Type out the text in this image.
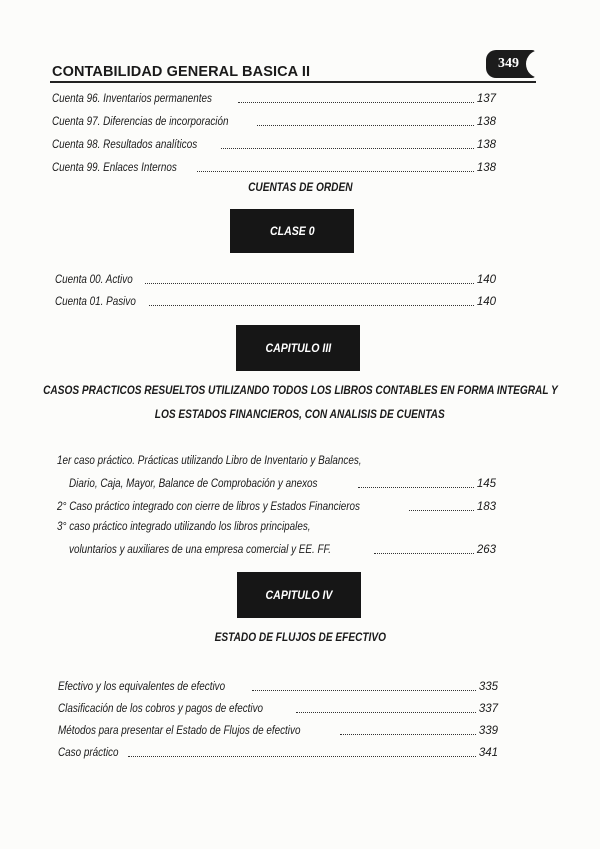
CONTABILIDAD GENERAL BASICA II
349
Cuenta 96. Inventarios permanentes	137
Cuenta 97. Diferencias de incorporación	138
Cuenta 98. Resultados analíticos	138
Cuenta 99. Enlaces Internos	138
CUENTAS DE ORDEN
CLASE 0
Cuenta 00. Activo	140
Cuenta 01. Pasivo	140
CAPITULO III
CASOS PRACTICOS RESUELTOS UTILIZANDO TODOS LOS LIBROS CONTABLES EN FORMA INTEGRAL Y
LOS ESTADOS FINANCIEROS, CON ANALISIS DE CUENTAS
1er caso práctico. Prácticas utilizando Libro de Inventario y Balances,
Diario, Caja, Mayor, Balance de Comprobación y anexos	145
2° Caso práctico integrado con cierre de libros y Estados Financieros	183
3° caso práctico integrado utilizando los libros principales,
voluntarios y auxiliares de una empresa comercial y EE. FF.	263
CAPITULO IV
ESTADO DE FLUJOS DE EFECTIVO
Efectivo y los equivalentes de efectivo	335
Clasificación de los cobros y pagos de efectivo	337
Métodos para presentar el Estado de Flujos de efectivo	339
Caso práctico	341
